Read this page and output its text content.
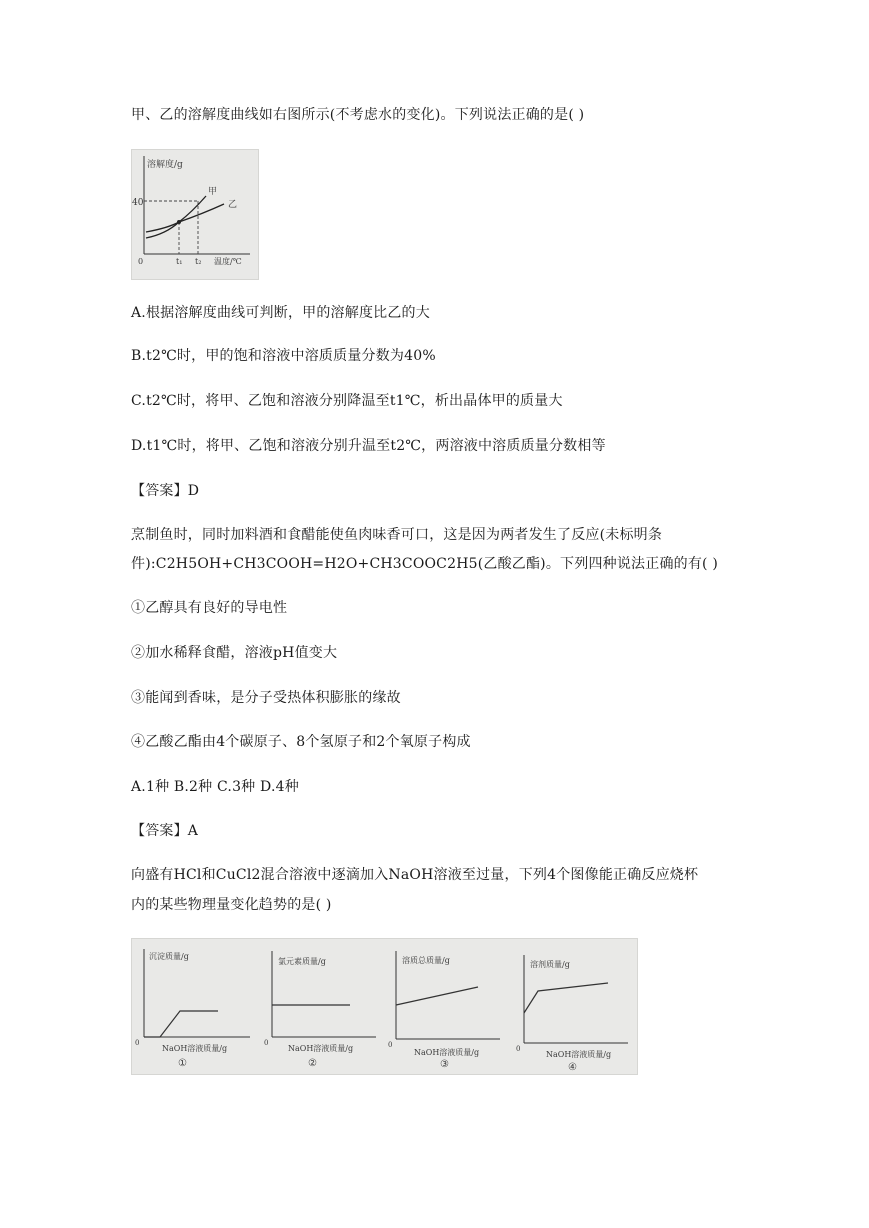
甲、乙的溶解度曲线如右图所示(不考虑水的变化)。下列说法正确的是( )
溶解度/g
40
0	t₁ t₂ 温度/℃
甲
乙
A.根据溶解度曲线可判断，甲的溶解度比乙的大
B.t2℃时，甲的饱和溶液中溶质质量分数为40%
C.t2℃时，将甲、乙饱和溶液分别降温至t1℃，析出晶体甲的质量大
D.t1℃时，将甲、乙饱和溶液分别升温至t2℃，两溶液中溶质质量分数相等
【答案】D
烹制鱼时，同时加料酒和食醋能使鱼肉味香可口，这是因为两者发生了反应(未标明条
件):C2H5OH+CH3COOH=H2O+CH3COOC2H5(乙酸乙酯)。下列四种说法正确的有( )
①乙醇具有良好的导电性
②加水稀释食醋，溶液pH值变大
③能闻到香味，是分子受热体积膨胀的缘故
④乙酸乙酯由4个碳原子、8个氢原子和2个氧原子构成
A.1种 B.2种 C.3种 D.4种
【答案】A
向盛有HCl和CuCl2混合溶液中逐滴加入NaOH溶液至过量，下列4个图像能正确反应烧杯
内的某些物理量变化趋势的是( )
沉淀质量/g
0
NaOH溶液质量/g
①
氯元素质量/g
0
NaOH溶液质量/g
②
溶质总质量/g
0
NaOH溶液质量/g
③
溶剂质量/g
0
NaOH溶液质量/g
④
